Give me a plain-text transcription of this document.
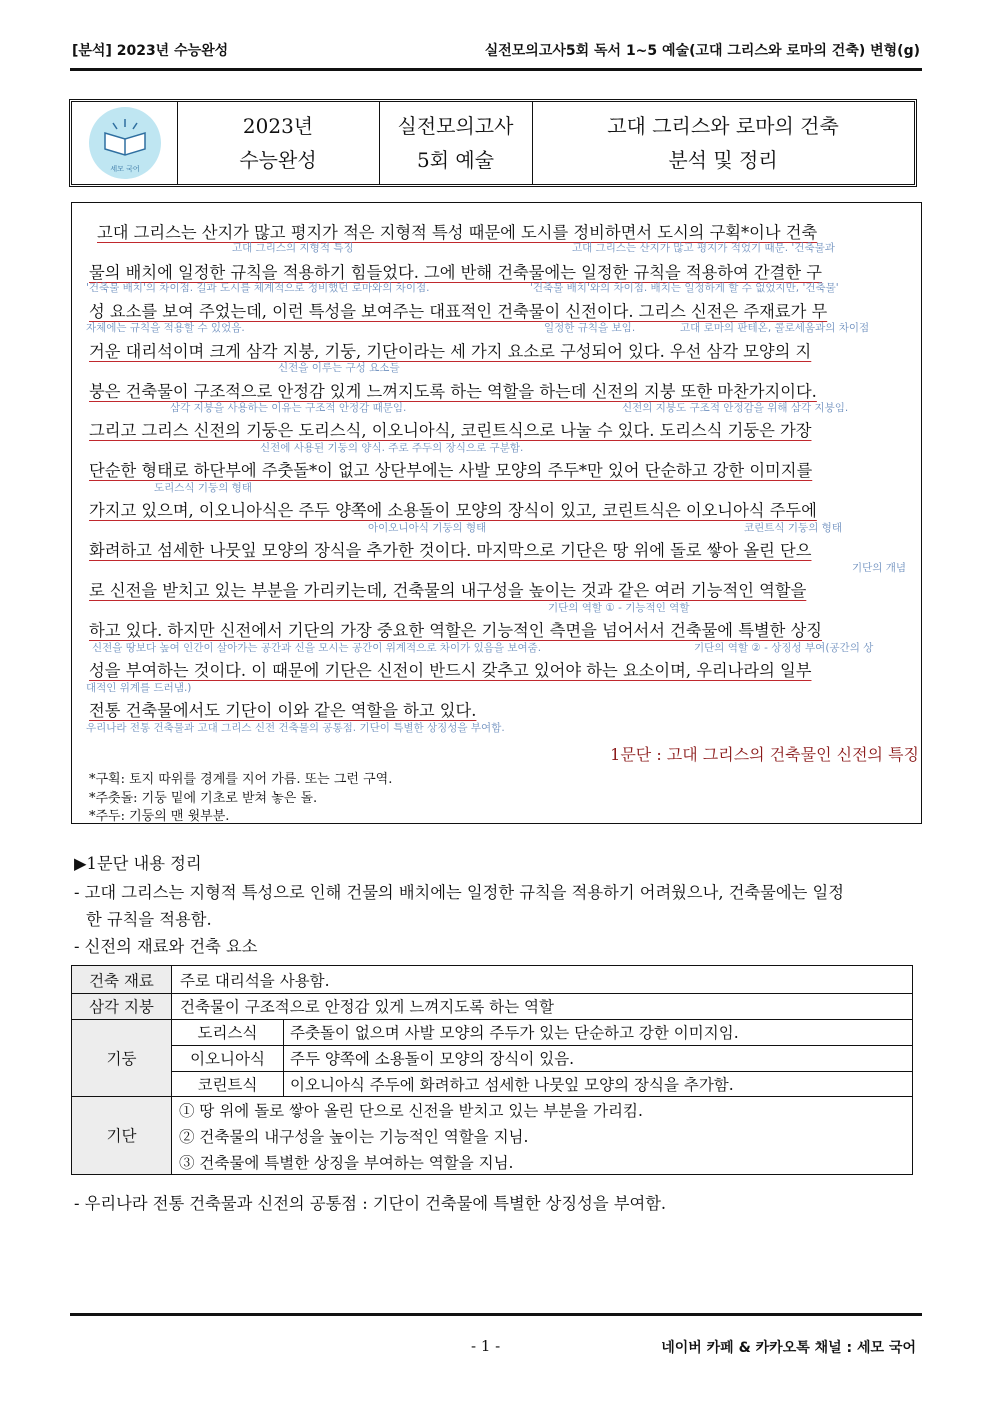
[분석] 2023년 수능완성	실전모의고사5회 독서 1~5 예술(고대 그리스와 로마의 건축) 변형(g)
세모 국어
2023년
수능완성
실전모의고사
5회 예술
고대 그리스와 로마의 건축
분석 및 정리
고대 그리스는 산지가 많고 평지가 적은 지형적 특성 때문에 도시를 정비하면서 도시의 구획*이나 건축
고대 그리스의 지형적 특징	고대 그리스는 산지가 많고 평지가 적었기 때문. '건축물과
물의 배치에 일정한 규칙을 적용하기 힘들었다. 그에 반해 건축물에는 일정한 규칙을 적용하여 간결한 구
'건축물 배치'의 차이점. 길과 도시를 체계적으로 정비했던 로마와의 차이점.	'건축물 배치'와의 차이점. 배치는 일정하게 할 수 없었지만, '건축물'
성 요소를 보여 주었는데, 이런 특성을 보여주는 대표적인 건축물이 신전이다. 그리스 신전은 주재료가 무
자체에는 규칙을 적용할 수 있었음.	일정한 규칙을 보임.	고대 로마의 판테온, 콜로세움과의 차이점
거운 대리석이며 크게 삼각 지붕, 기둥, 기단이라는 세 가지 요소로 구성되어 있다. 우선 삼각 모양의 지
신전을 이루는 구성 요소들
붕은 건축물이 구조적으로 안정감 있게 느껴지도록 하는 역할을 하는데 신전의 지붕 또한 마찬가지이다.
삼각 지붕을 사용하는 이유는 구조적 안정감 때문임.	신전의 지붕도 구조적 안정감을 위해 삼각 지붕임.
그리고 그리스 신전의 기둥은 도리스식, 이오니아식, 코린트식으로 나눌 수 있다. 도리스식 기둥은 가장
신전에 사용된 기둥의 양식. 주로 주두의 장식으로 구분함.
단순한 형태로 하단부에 주춧돌*이 없고 상단부에는 사발 모양의 주두*만 있어 단순하고 강한 이미지를
도리스식 기둥의 형태
가지고 있으며, 이오니아식은 주두 양쪽에 소용돌이 모양의 장식이 있고, 코린트식은 이오니아식 주두에
아이오니아식 기둥의 형태	코린트식 기둥의 형태
화려하고 섬세한 나뭇잎 모양의 장식을 추가한 것이다. 마지막으로 기단은 땅 위에 돌로 쌓아 올린 단으
기단의 개념
로 신전을 받치고 있는 부분을 가리키는데, 건축물의 내구성을 높이는 것과 같은 여러 기능적인 역할을
기단의 역할 ① - 기능적인 역할
하고 있다. 하지만 신전에서 기단의 가장 중요한 역할은 기능적인 측면을 넘어서서 건축물에 특별한 상징
신전을 땅보다 높여 인간이 살아가는 공간과 신을 모시는 공간이 위계적으로 차이가 있음을 보여줌.	기단의 역할 ② - 상징성 부여(공간의 상
성을 부여하는 것이다. 이 때문에 기단은 신전이 반드시 갖추고 있어야 하는 요소이며, 우리나라의 일부
대적인 위계를 드러냄.)
전통 건축물에서도 기단이 이와 같은 역할을 하고 있다.
우리나라 전통 건축물과 고대 그리스 신전 건축물의 공통점. 기단이 특별한 상징성을 부여함.
1문단 : 고대 그리스의 건축물인 신전의 특징
*구획: 토지 따위를 경계를 지어 가름. 또는 그런 구역.
*주춧돌: 기둥 밑에 기초로 받쳐 놓은 돌.
*주두: 기둥의 맨 윗부분.
▶1문단 내용 정리
- 고대 그리스는 지형적 특성으로 인해 건물의 배치에는 일정한 규칙을 적용하기 어려웠으나, 건축물에는 일정
한 규칙을 적용함.
- 신전의 재료와 건축 요소
건축 재료	주로 대리석을 사용함.
삼각 지붕	건축물이 구조적으로 안정감 있게 느껴지도록 하는 역할
기둥
도리스식	주춧돌이 없으며 사발 모양의 주두가 있는 단순하고 강한 이미지임.
이오니아식	주두 양쪽에 소용돌이 모양의 장식이 있음.
코린트식	이오니아식 주두에 화려하고 섬세한 나뭇잎 모양의 장식을 추가함.
기단
① 땅 위에 돌로 쌓아 올린 단으로 신전을 받치고 있는 부분을 가리킴.
② 건축물의 내구성을 높이는 기능적인 역할을 지님.
③ 건축물에 특별한 상징을 부여하는 역할을 지님.
- 우리나라 전통 건축물과 신전의 공통점 : 기단이 건축물에 특별한 상징성을 부여함.
- 1 -	네이버 카페 & 카카오톡 채널 : 세모 국어
